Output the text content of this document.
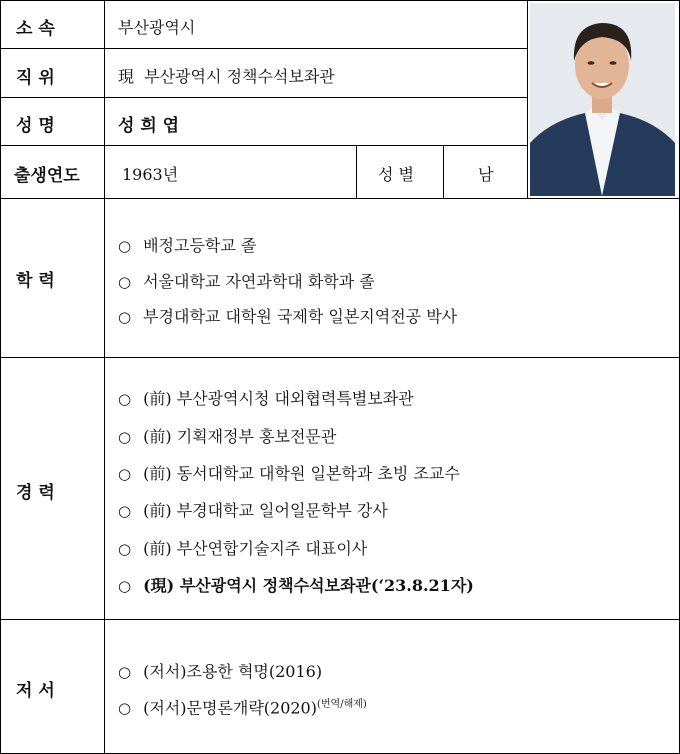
소 속	부산광역시
직 위	現 부산광역시 정책수석보좌관
성 명	성 희 엽
출생연도	1963년	성 별	남
학 력
○ 배정고등학교 졸
○ 서울대학교 자연과학대 화학과 졸
○ 부경대학교 대학원 국제학 일본지역전공 박사
경 력
○ (前) 부산광역시청 대외협력특별보좌관
○ (前) 기획재정부 홍보전문관
○ (前) 동서대학교 대학원 일본학과 초빙 조교수
○ (前) 부경대학교 일어일문학부 강사
○ (前) 부산연합기술지주 대표이사
○ (現) 부산광역시 정책수석보좌관(‘23.8.21자)
저 서
○ (저서)조용한 혁명(2016)
○ (저서)문명론개략$(2020)^{(번역/해제)}$
